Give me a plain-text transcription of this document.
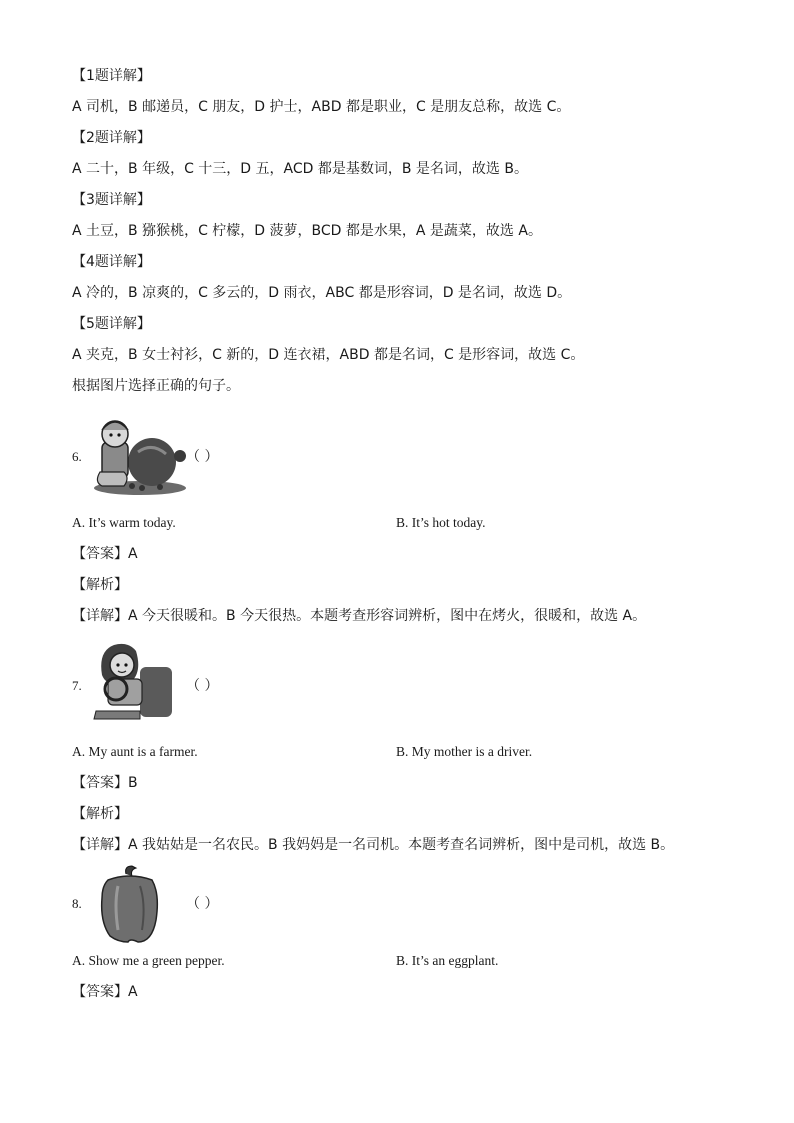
【1题详解】
A 司机，B 邮递员，C 朋友，D 护士，ABD 都是职业，C 是朋友总称，故选 C。
【2题详解】
A 二十，B 年级，C 十三，D 五，ACD 都是基数词，B 是名词，故选 B。
【3题详解】
A 土豆，B 猕猴桃，C 柠檬，D 菠萝，BCD 都是水果，A 是蔬菜，故选 A。
【4题详解】
A 冷的，B 凉爽的，C 多云的，D 雨衣，ABC 都是形容词，D 是名词，故选 D。
【5题详解】
A 夹克，B 女士衬衫，C 新的，D 连衣裙，ABD 都是名词，C 是形容词，故选 C。
根据图片选择正确的句子。
6.	（ ）
A. It’s warm today.	B. It’s hot today.
【答案】A
【解析】
【详解】A 今天很暖和。B 今天很热。本题考查形容词辨析，图中在烤火，很暖和，故选 A。
7.	（ ）
A. My aunt is a farmer.	B. My mother is a driver.
【答案】B
【解析】
【详解】A 我姑姑是一名农民。B 我妈妈是一名司机。本题考查名词辨析，图中是司机，故选 B。
8.	（ ）
A. Show me a green pepper.	B. It’s an eggplant.
【答案】A
